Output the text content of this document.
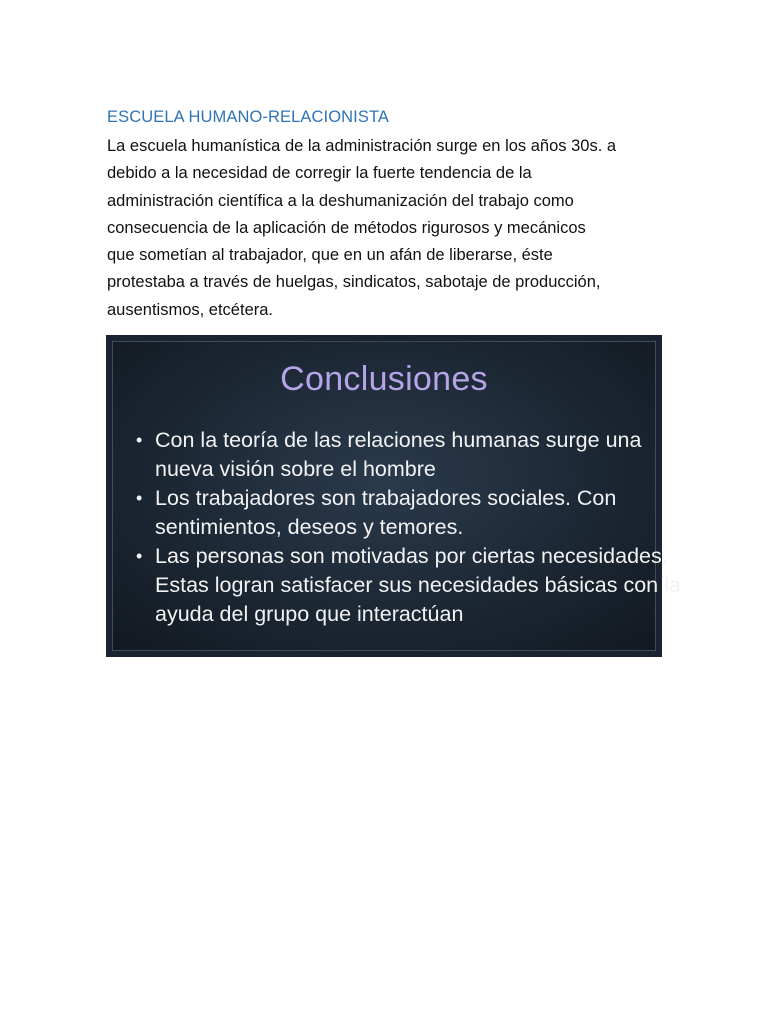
ESCUELA HUMANO-RELACIONISTA
La escuela humanística de la administración surge en los años 30s. a
debido a la necesidad de corregir la fuerte tendencia de la
administración científica a la deshumanización del trabajo como
consecuencia de la aplicación de métodos rigurosos y mecánicos
que sometían al trabajador, que en un afán de liberarse, éste
protestaba a través de huelgas, sindicatos, sabotaje de producción,
ausentismos, etcétera.
Conclusiones
• Con la teoría de las relaciones humanas surge una
nueva visión sobre el hombre
• Los trabajadores son trabajadores sociales. Con
sentimientos, deseos y temores.
• Las personas son motivadas por ciertas necesidades.
Estas logran satisfacer sus necesidades básicas con la
ayuda del grupo que interactúan
